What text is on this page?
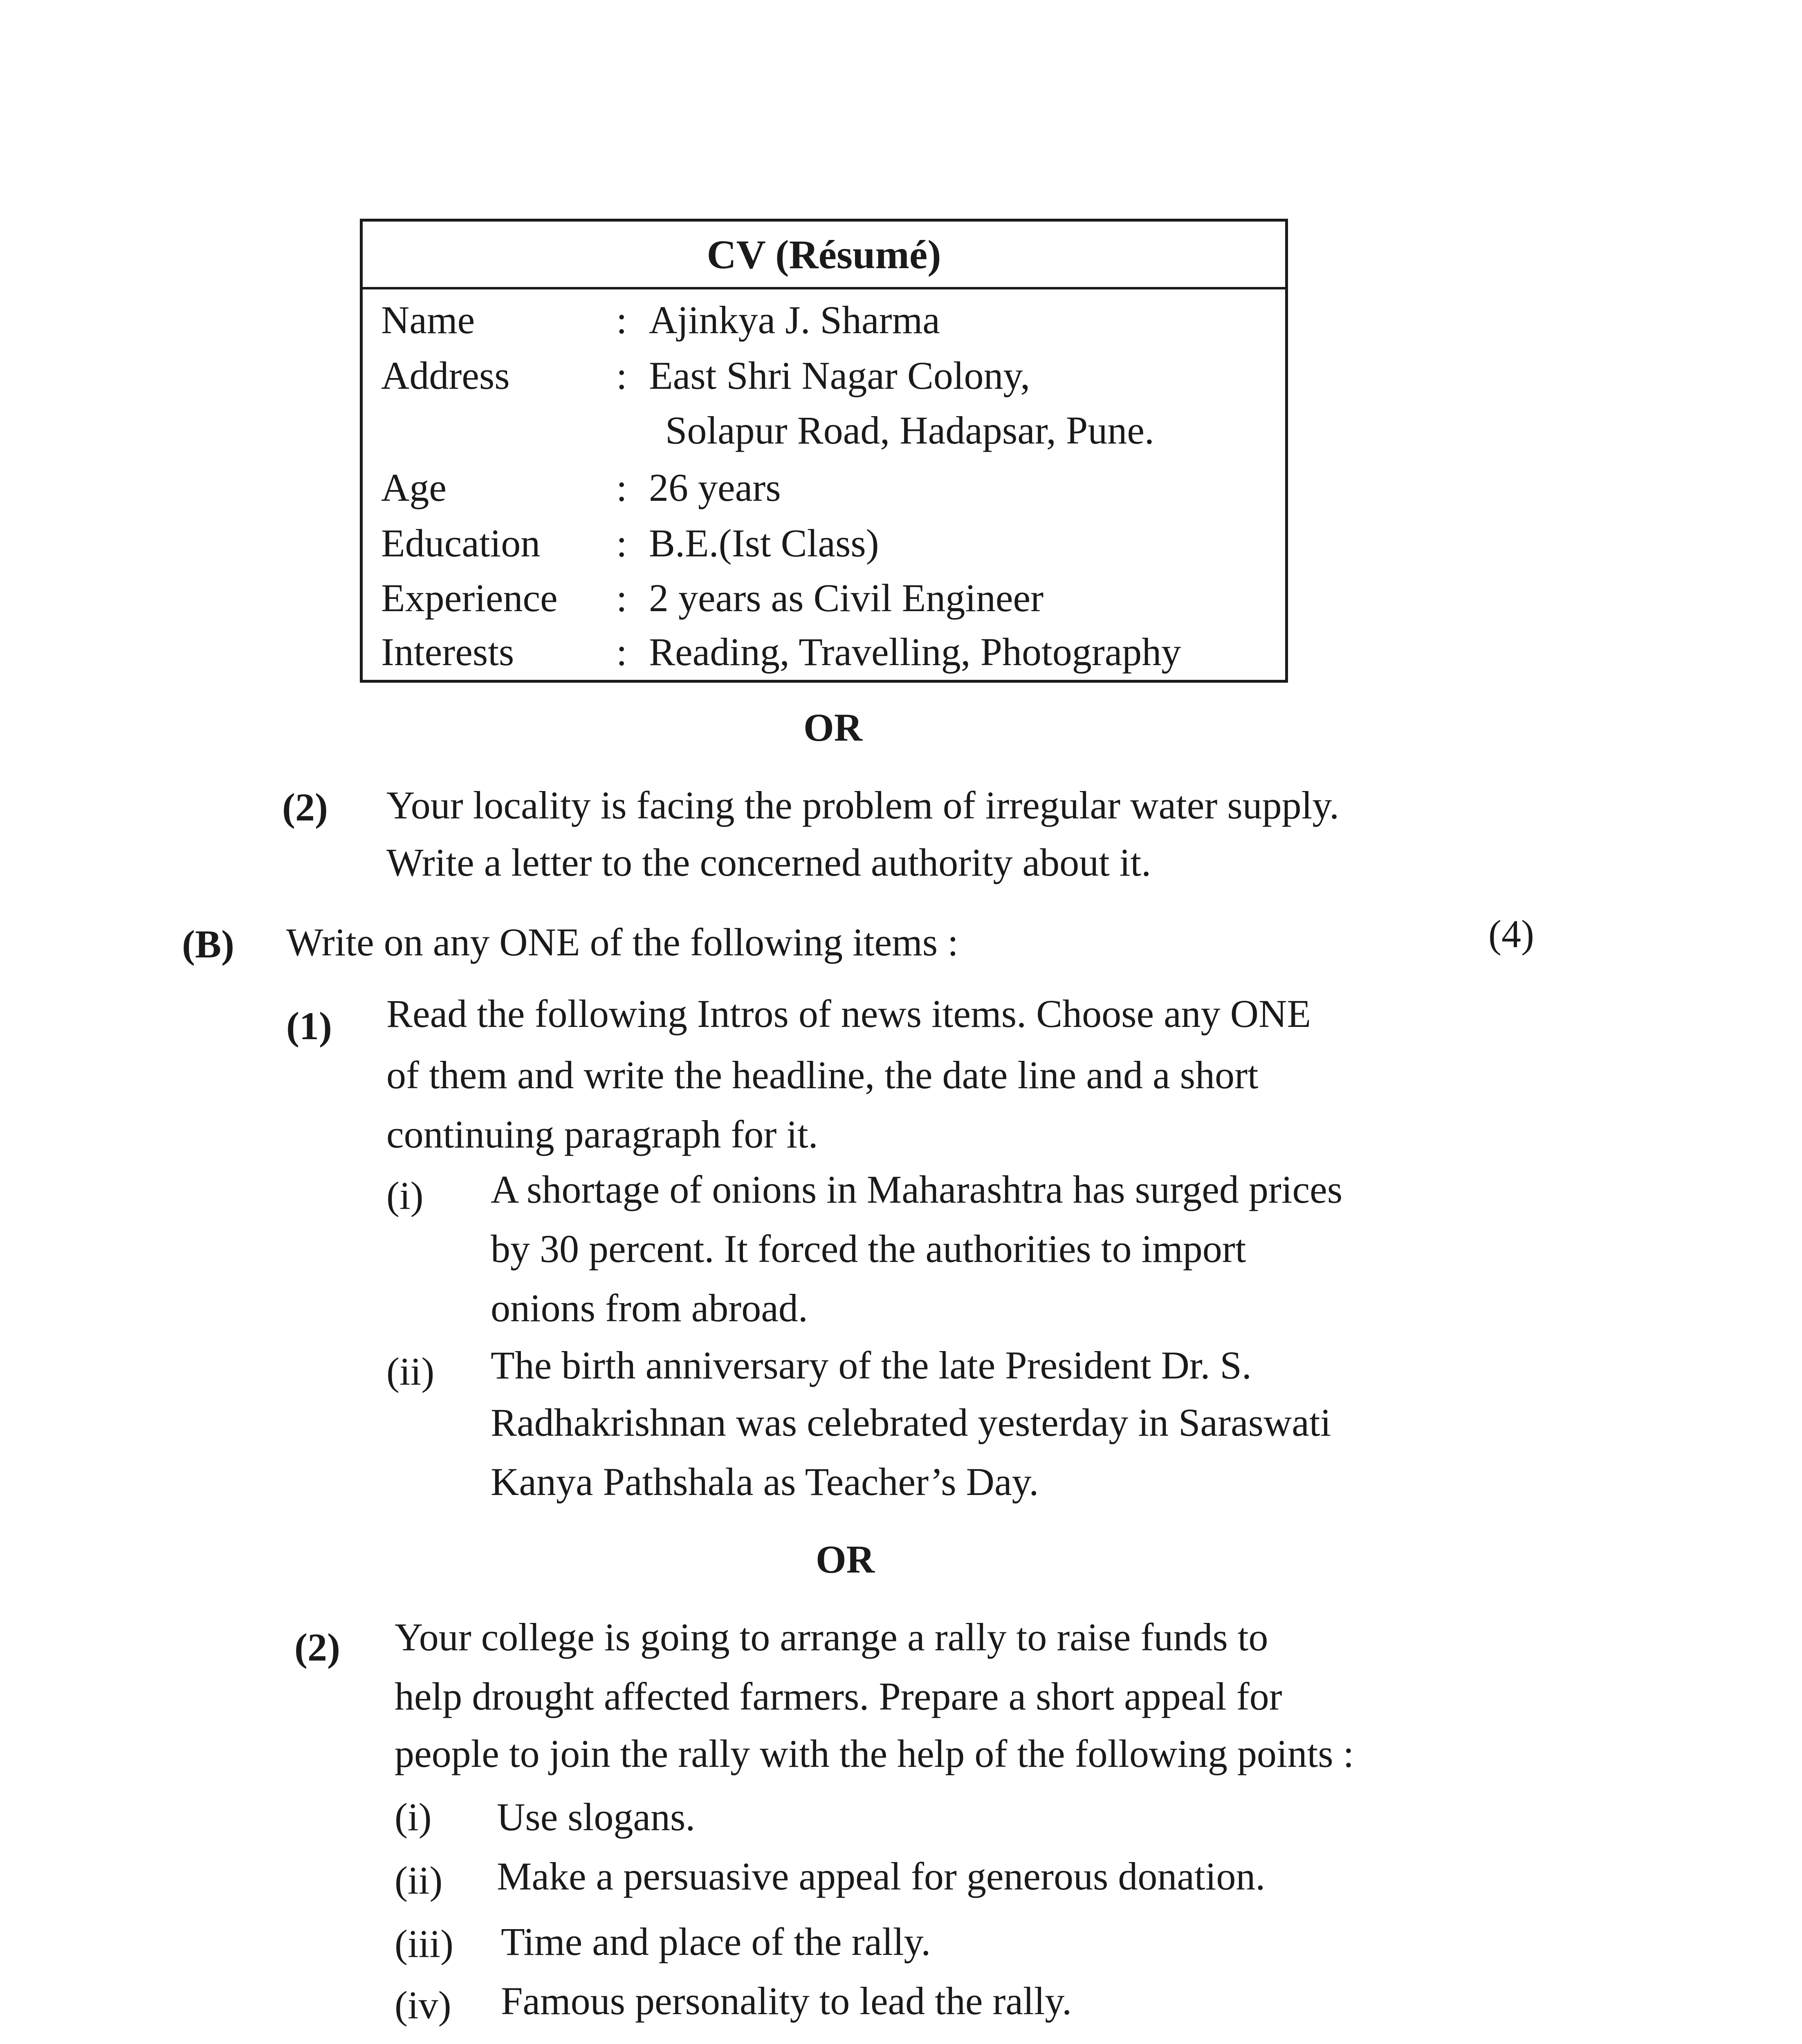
CV (Résumé)
Name	: Ajinkya J. Sharma
Address	: East Shri Nagar Colony,
Solapur Road, Hadapsar, Pune.
Age	: 26 years
Education : B.E.(Ist Class)
Experience : 2 years as Civil Engineer
Interests	: Reading, Travelling, Photography
OR
(2) Your locality is facing the problem of irregular water supply.
Write a letter to the concerned authority about it.
(B) Write on any ONE of the following items :	(4)
(1) Read the following Intros of news items. Choose any ONE
of them and write the headline, the date line and a short
continuing paragraph for it.
(i) A shortage of onions in Maharashtra has surged prices
by 30 percent. It forced the authorities to import
onions from abroad.
(ii) The birth anniversary of the late President Dr. S.
Radhakrishnan was celebrated yesterday in Saraswati
Kanya Pathshala as Teacher’s Day.
OR
(2) Your college is going to arrange a rally to raise funds to
help drought affected farmers. Prepare a short appeal for
people to join the rally with the help of the following points :
(i) Use slogans.
(ii) Make a persuasive appeal for generous donation.
(iii) Time and place of the rally.
(iv) Famous personality to lead the rally.
